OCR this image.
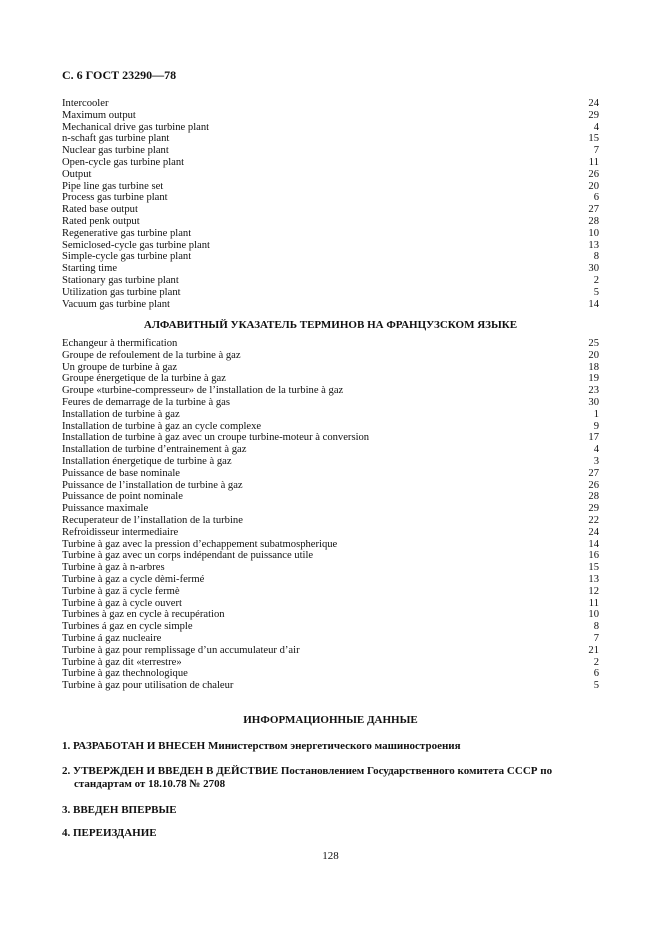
С. 6 ГОСТ 23290—78
Intercooler	24
Maximum output	29
Mechanical drive gas turbine plant	4
n-schaft gas turbine plant	15
Nuclear gas turbine plant	7
Open-cycle gas turbine plant	11
Output	26
Pipe line gas turbine set	20
Process gas turbine plant	6
Rated base output	27
Rated penk output	28
Regenerative gas turbine plant	10
Semiclosed-cycle gas turbine plant	13
Simple-cycle gas turbine plant	8
Starting time	30
Stationary gas turbine plant	2
Utilization gas turbine plant	5
Vacuum gas turbine plant	14
АЛФАВИТНЫЙ УКАЗАТЕЛЬ ТЕРМИНОВ НА ФРАНЦУЗСКОМ ЯЗЫКЕ
Echangeur à thermification	25
Groupe de refoulement de la turbine à gaz	20
Un groupe de turbine à gaz	18
Groupe énergetique de la turbine à gaz	19
Groupe «turbine-compresseur» de l’installation de la turbine à gaz	23
Feures de demarrage de la turbine à gas	30
Installation de turbine à gaz	1
Installation de turbine à gaz an cycle complexe	9
Installation de turbine à gaz avec un croupe turbine-moteur à conversion	17
Installation de turbine d’entrainement à gaz	4
Installation énergetique de turbine à gaz	3
Puissance de base nominale	27
Puissance de l’installation de turbine à gaz	26
Puissance de point nominale	28
Puissance maximale	29
Recuperateur de l’installation de la turbine	22
Refroidisseur intermediaire	24
Turbine à gaz avec la pression d’echappement subatmospherique	14
Turbine à gaz avec un corps indépendant de puissance utile	16
Turbine à gaz à n-arbres	15
Turbine à gaz a cycle dèmi-fermé	13
Turbine à gaz ä cycle fermè	12
Turbine à gaz à cycle ouvert	11
Turbines à gaz en cycle à recupération	10
Turbines á gaz en cycle simple	8
Turbine á gaz nucleaire	7
Turbine à gaz pour remplissage d’un accumulateur d’air	21
Turbine à gaz dit «terrestre»	2
Turbine à gaz thechnologique	6
Turbine à gaz pour utilisation de chaleur	5
ИНФОРМАЦИОННЫЕ ДАННЫЕ
1. РАЗРАБОТАН И ВНЕСЕН Министерством энергетического машиностроения
2. УТВЕРЖДЕН И ВВЕДЕН В ДЕЙСТВИЕ Постановлением Государственного комитета СССР по
стандартам от 18.10.78 № 2708
3. ВВЕДЕН ВПЕРВЫЕ
4. ПЕРЕИЗДАНИЕ
128
